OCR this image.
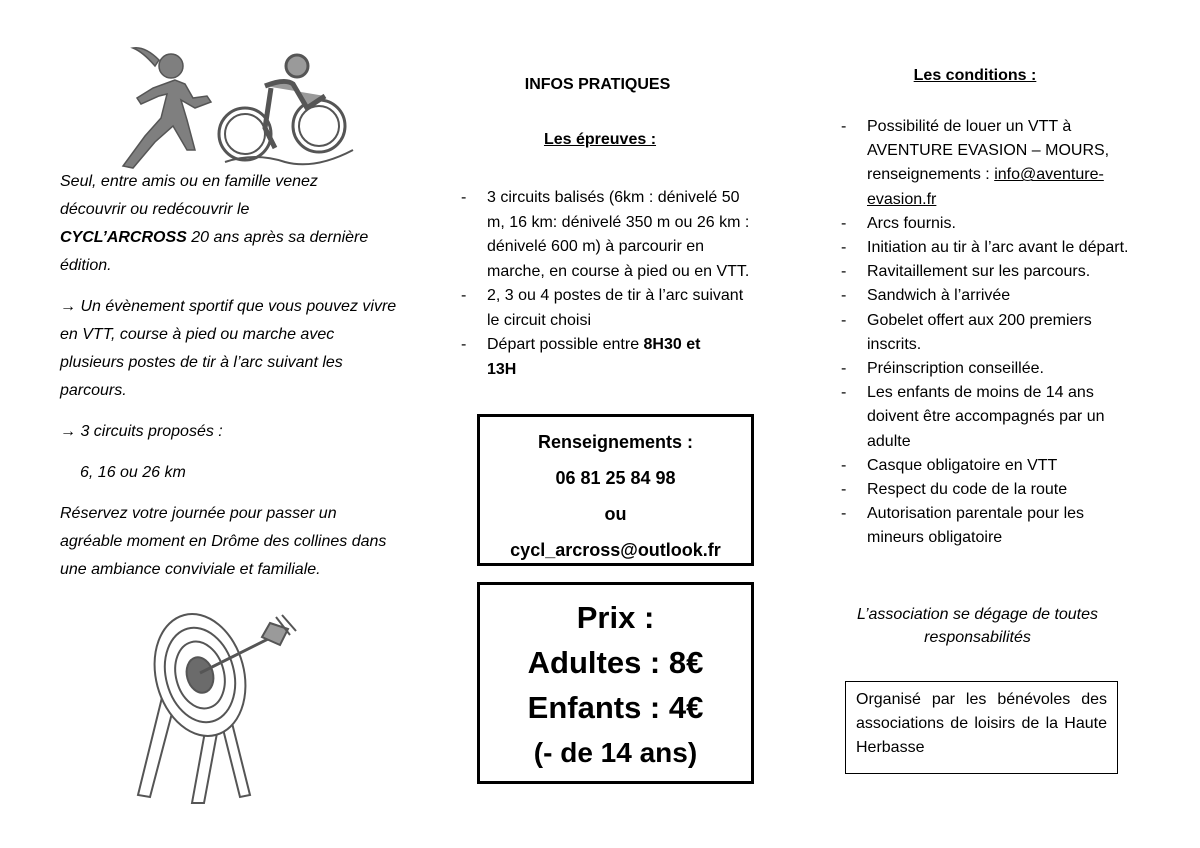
Seul, entre amis ou en famille venez
découvrir ou redécouvrir le
CYCL’ARCROSS 20 ans après sa dernière
édition.

→ Un évènement sportif que vous pouvez vivre en VTT, course à pied ou marche avec plusieurs postes de tir à l’arc suivant les parcours.

→ 3 circuits proposés :

6, 16 ou 26 km

Réservez votre journée pour passer un agréable moment en Drôme des collines dans une ambiance conviviale et familiale.

INFOS PRATIQUES
Les épreuves :
- 3 circuits balisés (6km : dénivelé 50 m, 16 km: dénivelé 350 m ou 26 km : dénivelé 600 m) à parcourir en marche, en course à pied ou en VTT.
- 2, 3 ou 4 postes de tir à l’arc suivant le circuit choisi
- Départ possible entre 8H30 et
13H
Renseignements :
06 81 25 84 98
ou
cycl_arcross@outlook.fr
Prix :
Adultes : 8€
Enfants : 4€
(- de 14 ans)
Les conditions :
- Possibilité de louer un VTT à AVENTURE EVASION – MOURS, renseignements : info@aventure-evasion.fr
- Arcs fournis.
- Initiation au tir à l’arc avant le départ.
- Ravitaillement sur les parcours.
- Sandwich à l’arrivée
- Gobelet offert aux 200 premiers inscrits.
- Préinscription conseillée.
- Les enfants de moins de 14 ans doivent être accompagnés par un adulte
- Casque obligatoire en VTT
- Respect du code de la route
- Autorisation parentale pour les mineurs obligatoire
L’association se dégage de toutes
responsabilités
Organisé par les bénévoles des associations de loisirs de la Haute Herbasse
